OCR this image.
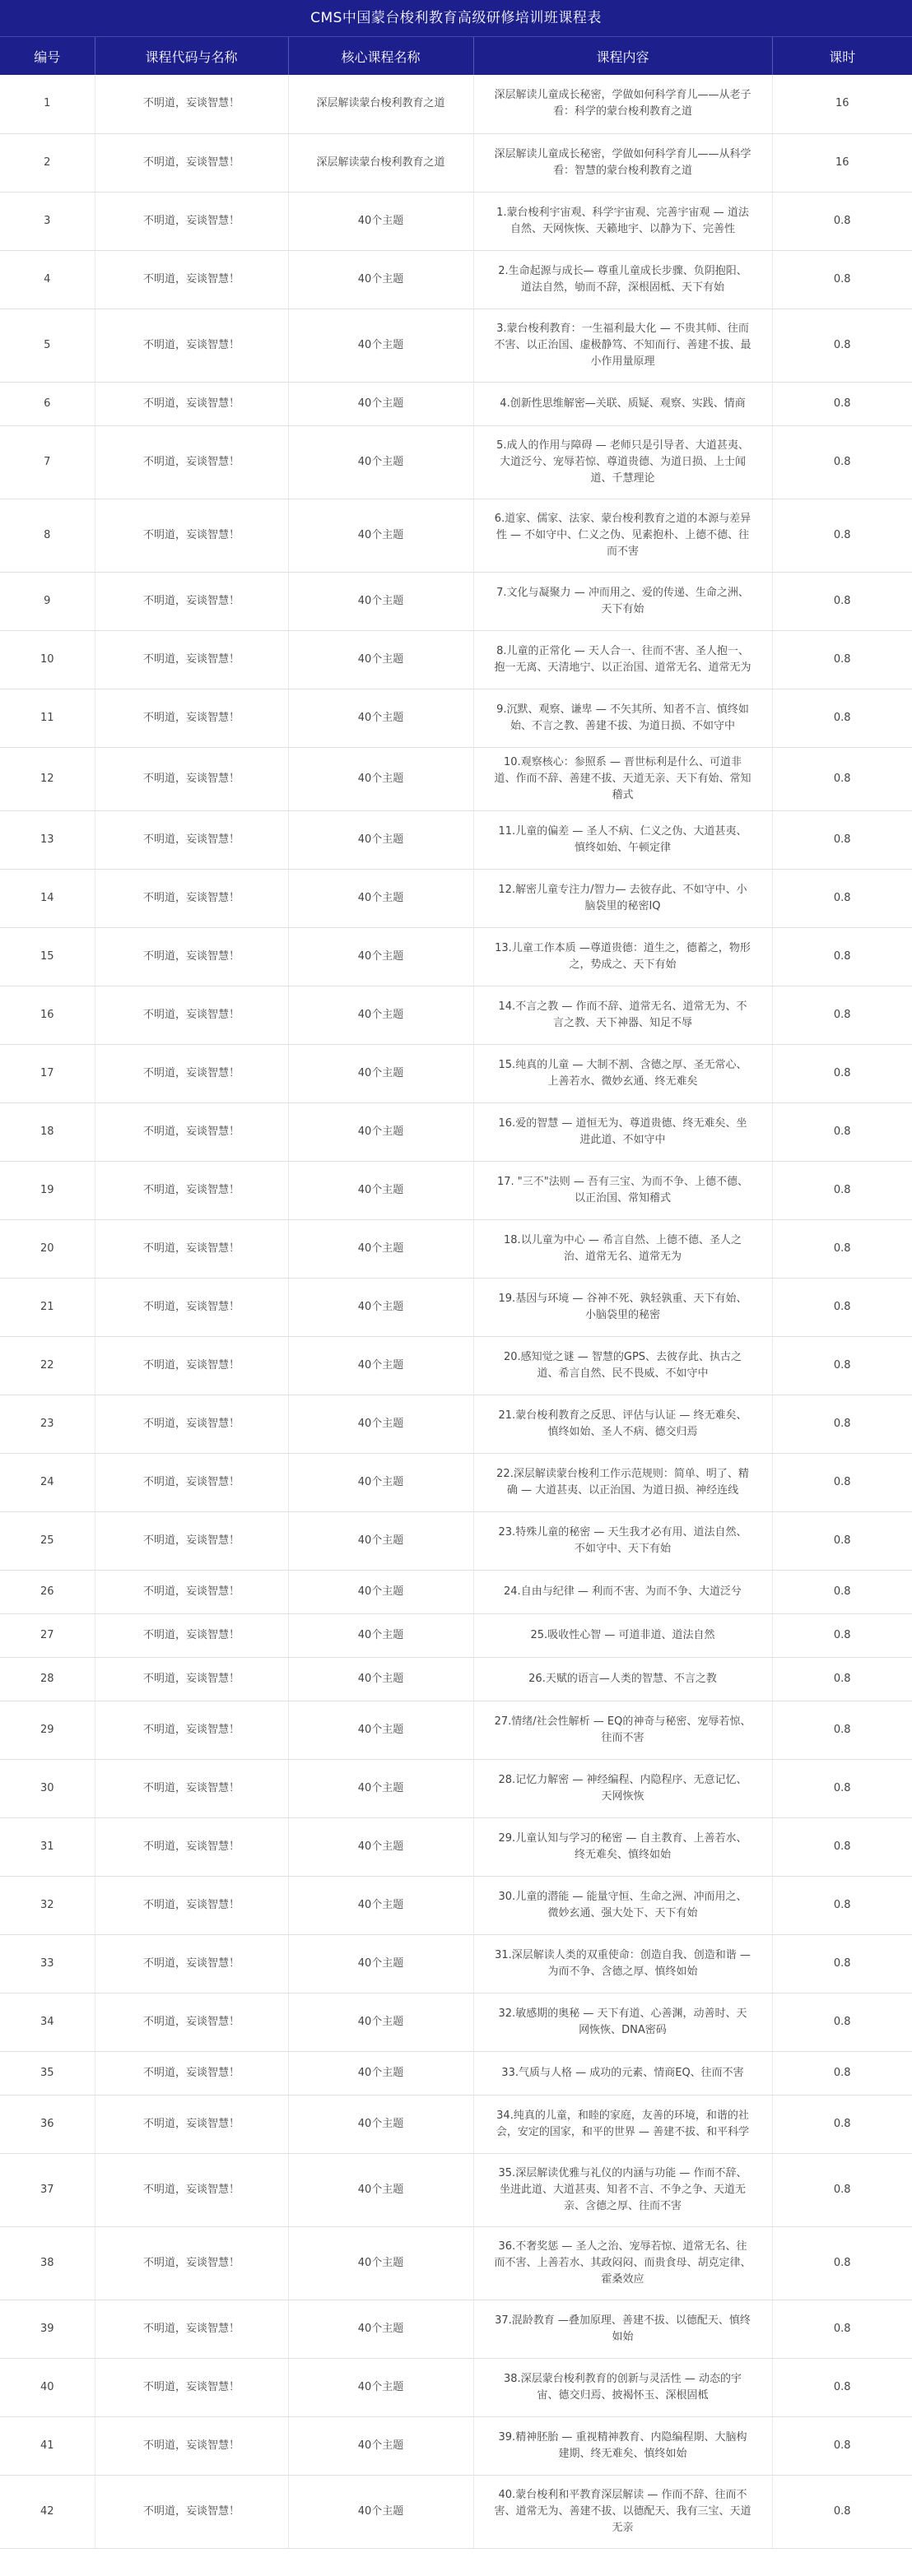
CMS中国蒙台梭利教育高级研修培训班课程表
编号	课程代码与名称	核心课程名称	课程内容	课时
1	不明道，妄谈智慧！	深层解读蒙台梭利教育之道	深层解读儿童成长秘密，学做如何科学育儿——从老子看：科学的蒙台梭利教育之道	16
2	不明道，妄谈智慧！	深层解读蒙台梭利教育之道	深层解读儿童成长秘密，学做如何科学育儿——从科学看：智慧的蒙台梭利教育之道	16
3	不明道，妄谈智慧！	40个主题	1.蒙台梭利宇宙观、科学宇宙观、完善宇宙观 — 道法自然、天网恢恢、天籁地宇、以静为下、完善性	0.8
4	不明道，妄谈智慧！	40个主题	2.生命起源与成长— 尊重儿童成长步骤、负阴抱阳、道法自然，劬而不辞，深根固柢、天下有始	0.8
5	不明道，妄谈智慧！	40个主题	3.蒙台梭利教育：一生福利最大化 — 不贵其师、往而不害、以正治国、虚极静笃、不知而行、善建不拔、最小作用量原理	0.8
6	不明道，妄谈智慧！	40个主题	4.创新性思维解密—关联、质疑、观察、实践、情商	0.8
7	不明道，妄谈智慧！	40个主题	5.成人的作用与障碍 — 老师只是引导者、大道甚夷、大道泛兮、宠辱若惊、尊道贵德、为道日损、上士闻道、千慧理论	0.8
8	不明道，妄谈智慧！	40个主题	6.道家、儒家、法家、蒙台梭利教育之道的本源与差异性 — 不如守中、仁义之伪、见素抱朴、上德不德、往而不害	0.8
9	不明道，妄谈智慧！	40个主题	7.文化与凝聚力 — 冲而用之、爱的传递、生命之洲、天下有始	0.8
10	不明道，妄谈智慧！	40个主题	8.儿童的正常化 — 天人合一、往而不害、圣人抱一、抱一无离、天清地宁、以正治国、道常无名、道常无为	0.8
11	不明道，妄谈智慧！	40个主题	9.沉默、观察、谦卑 — 不矢其所、知者不言、慎终如始、不言之教、善建不拔、为道日损、不如守中	0.8
12	不明道，妄谈智慧！	40个主题	10.观察核心：参照系 — 晋世标利是什么、可道非道、作而不辞、善建不拔、天道无亲、天下有始、常知稽式	0.8
13	不明道，妄谈智慧！	40个主题	11.儿童的偏差 — 圣人不病、仁义之伪、大道甚夷、慎终如始、午顿定律	0.8
14	不明道，妄谈智慧！	40个主题	12.解密儿童专注力/智力— 去彼存此、不如守中、小脑袋里的秘密IQ	0.8
15	不明道，妄谈智慧！	40个主题	13.儿童工作本质 —尊道贵德：道生之，德蓄之，物形之，势成之、天下有始	0.8
16	不明道，妄谈智慧！	40个主题	14.不言之教 — 作而不辞、道常无名、道常无为、不言之教、天下神器、知足不辱	0.8
17	不明道，妄谈智慧！	40个主题	15.纯真的儿童 — 大制不割、含德之厚、圣无常心、上善若水、微妙玄通、终无难矣	0.8
18	不明道，妄谈智慧！	40个主题	16.爱的智慧 — 道恒无为、尊道贵德、终无难矣、坐进此道、不如守中	0.8
19	不明道，妄谈智慧！	40个主题	17. "三不"法则 — 吾有三宝、为而不争、上德不德、以正治国、常知稽式	0.8
20	不明道，妄谈智慧！	40个主题	18.以儿童为中心 — 希言自然、上德不德、圣人之治、道常无名、道常无为	0.8
21	不明道，妄谈智慧！	40个主题	19.基因与环境 — 谷神不死、孰轻孰重、天下有始、小脑袋里的秘密	0.8
22	不明道，妄谈智慧！	40个主题	20.感知觉之谜 — 智慧的GPS、去彼存此、执古之道、希言自然、民不畏威、不如守中	0.8
23	不明道，妄谈智慧！	40个主题	21.蒙台梭利教育之反思、评估与认证 — 终无难矣、慎终如始、圣人不病、德交归焉	0.8
24	不明道，妄谈智慧！	40个主题	22.深层解读蒙台梭利工作示范规则：简单、明了、精确 — 大道甚夷、以正治国、为道日损、神经连线	0.8
25	不明道，妄谈智慧！	40个主题	23.特殊儿童的秘密 — 天生我才必有用、道法自然、不如守中、天下有始	0.8
26	不明道，妄谈智慧！	40个主题	24.自由与纪律 — 利而不害、为而不争、大道泛兮	0.8
27	不明道，妄谈智慧！	40个主题	25.吸收性心智 — 可道非道、道法自然	0.8
28	不明道，妄谈智慧！	40个主题	26.天赋的语言—人类的智慧、不言之教	0.8
29	不明道，妄谈智慧！	40个主题	27.情绪/社会性解析 — EQ的神奇与秘密、宠辱若惊、往而不害	0.8
30	不明道，妄谈智慧！	40个主题	28.记忆力解密 — 神经编程、内隐程序、无意记忆、天网恢恢	0.8
31	不明道，妄谈智慧！	40个主题	29.儿童认知与学习的秘密 — 自主教育、上善若水、终无难矣、慎终如始	0.8
32	不明道，妄谈智慧！	40个主题	30.儿童的潜能 — 能量守恒、生命之洲、冲而用之、微妙玄通、强大处下、天下有始	0.8
33	不明道，妄谈智慧！	40个主题	31.深层解读人类的双重使命：创造自我、创造和谐 — 为而不争、含德之厚、慎终如始	0.8
34	不明道，妄谈智慧！	40个主题	32.敏感期的奥秘 — 天下有道、心善渊，动善时、天网恢恢、DNA密码	0.8
35	不明道，妄谈智慧！	40个主题	33.气质与人格 — 成功的元素、情商EQ、往而不害	0.8
36	不明道，妄谈智慧！	40个主题	34.纯真的儿童，和睦的家庭，友善的环境，和谐的社会，安定的国家，和平的世界 — 善建不拔、和平科学	0.8
37	不明道，妄谈智慧！	40个主题	35.深层解读优雅与礼仪的内涵与功能 — 作而不辞、坐进此道、大道甚夷、知者不言、不争之争、天道无亲、含德之厚、往而不害	0.8
38	不明道，妄谈智慧！	40个主题	36.不奢奖惩 — 圣人之治、宠辱若惊、道常无名、往而不害、上善若水、其政闷闷、而贵食母、胡克定律、霍桑效应	0.8
39	不明道，妄谈智慧！	40个主题	37.混龄教育 —叠加原理、善建不拔、以德配天、慎终如始	0.8
40	不明道，妄谈智慧！	40个主题	38.深层蒙台梭利教育的创新与灵活性 — 动态的宇宙、德交归焉、披褐怀玉、深根固柢	0.8
41	不明道，妄谈智慧！	40个主题	39.精神胚胎 — 重视精神教育、内隐编程期、大脑构建期、终无难矣、慎终如始	0.8
42	不明道，妄谈智慧！	40个主题	40.蒙台梭利和平教育深层解读 — 作而不辞、往而不害、道常无为、善建不拔、以德配天、我有三宝、天道无亲	0.8
